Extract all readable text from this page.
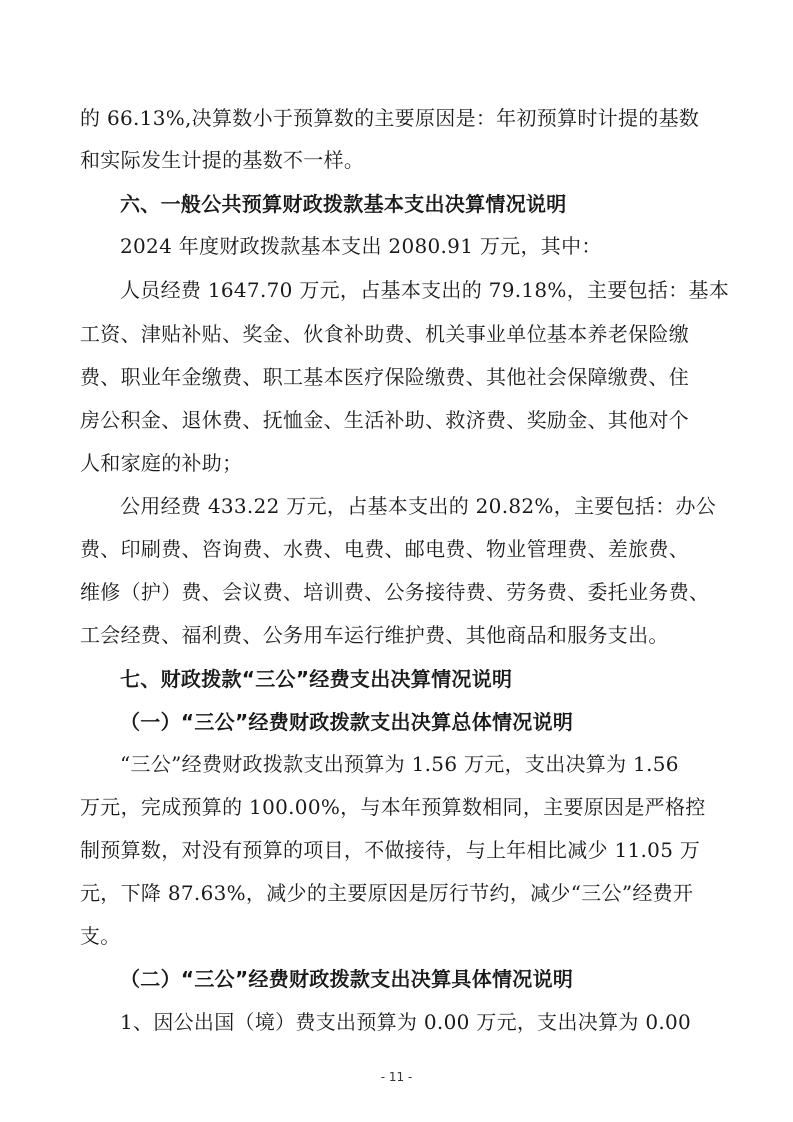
的 66.13%,决算数小于预算数的主要原因是：年初预算时计提的基数
和实际发生计提的基数不一样。
六、一般公共预算财政拨款基本支出决算情况说明
2024 年度财政拨款基本支出 2080.91 万元，其中：
人员经费 1647.70 万元，占基本支出的 79.18%，主要包括：基本
工资、津贴补贴、奖金、伙食补助费、机关事业单位基本养老保险缴
费、职业年金缴费、职工基本医疗保险缴费、其他社会保障缴费、住
房公积金、退休费、抚恤金、生活补助、救济费、奖励金、其他对个
人和家庭的补助；
公用经费 433.22 万元，占基本支出的 20.82%，主要包括：办公
费、印刷费、咨询费、水费、电费、邮电费、物业管理费、差旅费、
维修（护）费、会议费、培训费、公务接待费、劳务费、委托业务费、
工会经费、福利费、公务用车运行维护费、其他商品和服务支出。
七、财政拨款“三公”经费支出决算情况说明
（一）“三公”经费财政拨款支出决算总体情况说明
“三公”经费财政拨款支出预算为 1.56 万元，支出决算为 1.56
万元，完成预算的 100.00%，与本年预算数相同，主要原因是严格控
制预算数，对没有预算的项目，不做接待，与上年相比减少 11.05 万
元，下降 87.63%，减少的主要原因是厉行节约，减少“三公”经费开
支。
（二）“三公”经费财政拨款支出决算具体情况说明
1、因公出国（境）费支出预算为 0.00 万元，支出决算为 0.00
- 11 -
